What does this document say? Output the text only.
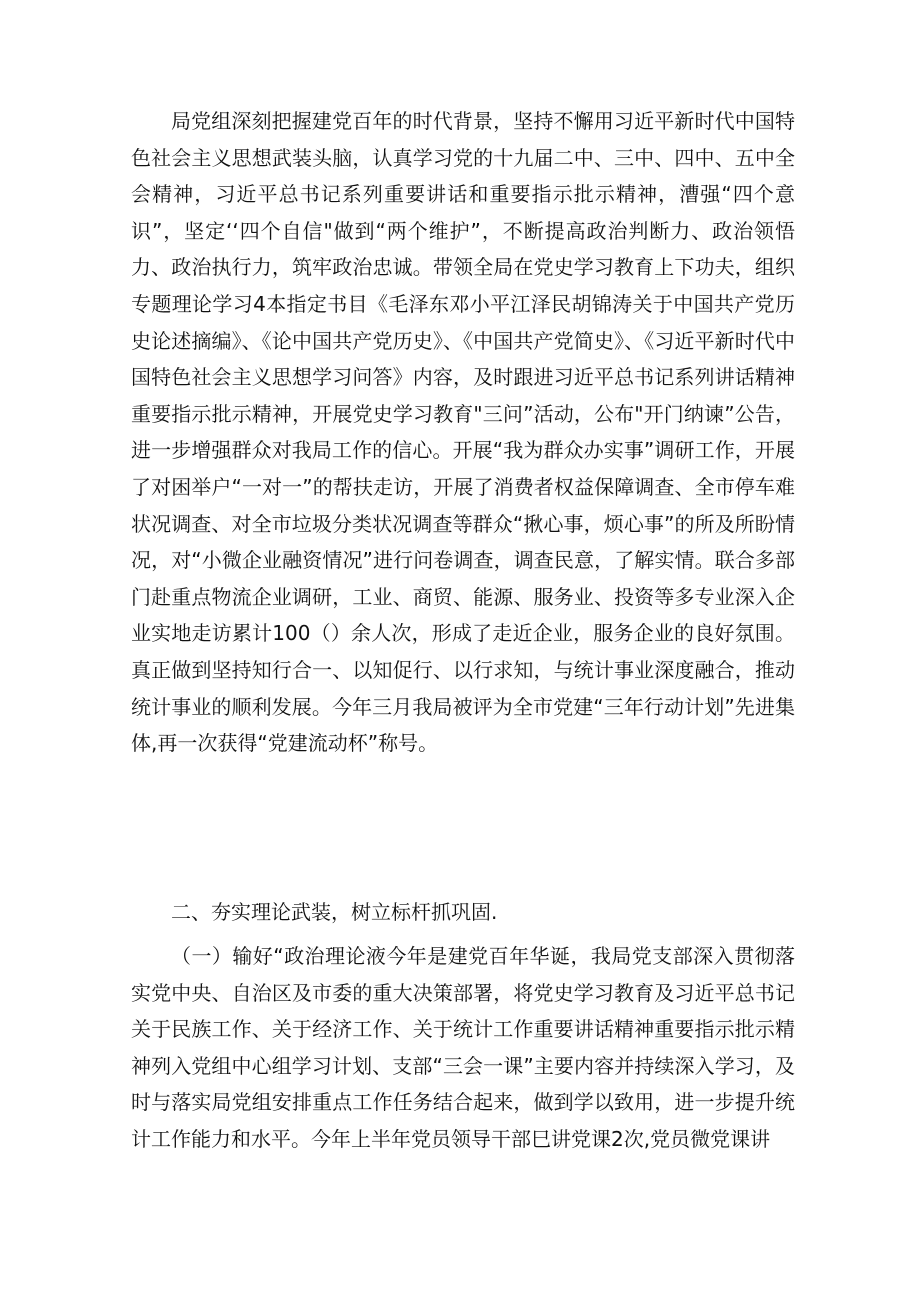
局党组深刻把握建党百年的时代背景，坚持不懈用习近平新时代中国特色社会主义思想武装头脑，认真学习党的十九届二中、三中、四中、五中全会精神，习近平总书记系列重要讲话和重要指示批示精神，漕强“四个意识”，坚定‘‘四个自信"做到“两个维护”，不断提高政治判断力、政治领悟力、政治执行力，筑牢政治忠诚。带领全局在党史学习教育上下功夫，组织专题理论学习4本指定书目《毛泽东邓小平江泽民胡锦涛关于中国共产党历史论述摘编》、《论中国共产党历史》、《中国共产党简史》、《习近平新时代中国特色社会主义思想学习问答》内容，及时跟进习近平总书记系列讲话精神重要指示批示精神，开展党史学习教育"三问”活动，公布"开门纳谏”公告，进一步增强群众对我局工作的信心。开展“我为群众办实事”调研工作，开展了对困举户“一对一”的帮扶走访，开展了消费者权益保障调查、全市停车难状况调查、对全市垃圾分类状况调查等群众“揪心事，烦心事”的所及所盼情况，对“小微企业融资情况”进行问卷调查，调查民意，了解实情。联合多部门赴重点物流企业调研，工业、商贸、能源、服务业、投资等多专业深入企业实地走访累计100（）余人次，形成了走近企业，服务企业的良好氛围。真正做到坚持知行合一、以知促行、以行求知，与统计事业深度融合，推动统计事业的顺利发展。今年三月我局被评为全市党建“三年行动计划”先进集体,再一次获得“党建流动杯”称号。

二、夯实理论武装，树立标杆抓巩固.

（一）输好“政治理论液今年是建党百年华诞，我局党支部深入贯彻落实党中央、自治区及市委的重大决策部署，将党史学习教育及习近平总书记关于民族工作、关于经济工作、关于统计工作重要讲话精神重要指示批示精神列入党组中心组学习计划、支部“三会一课”主要内容并持续深入学习，及时与落实局党组安排重点工作任务结合起来，做到学以致用，进一步提升统计工作能力和水平。今年上半年党员领导干部巳讲党课2次,党员微党课讲
